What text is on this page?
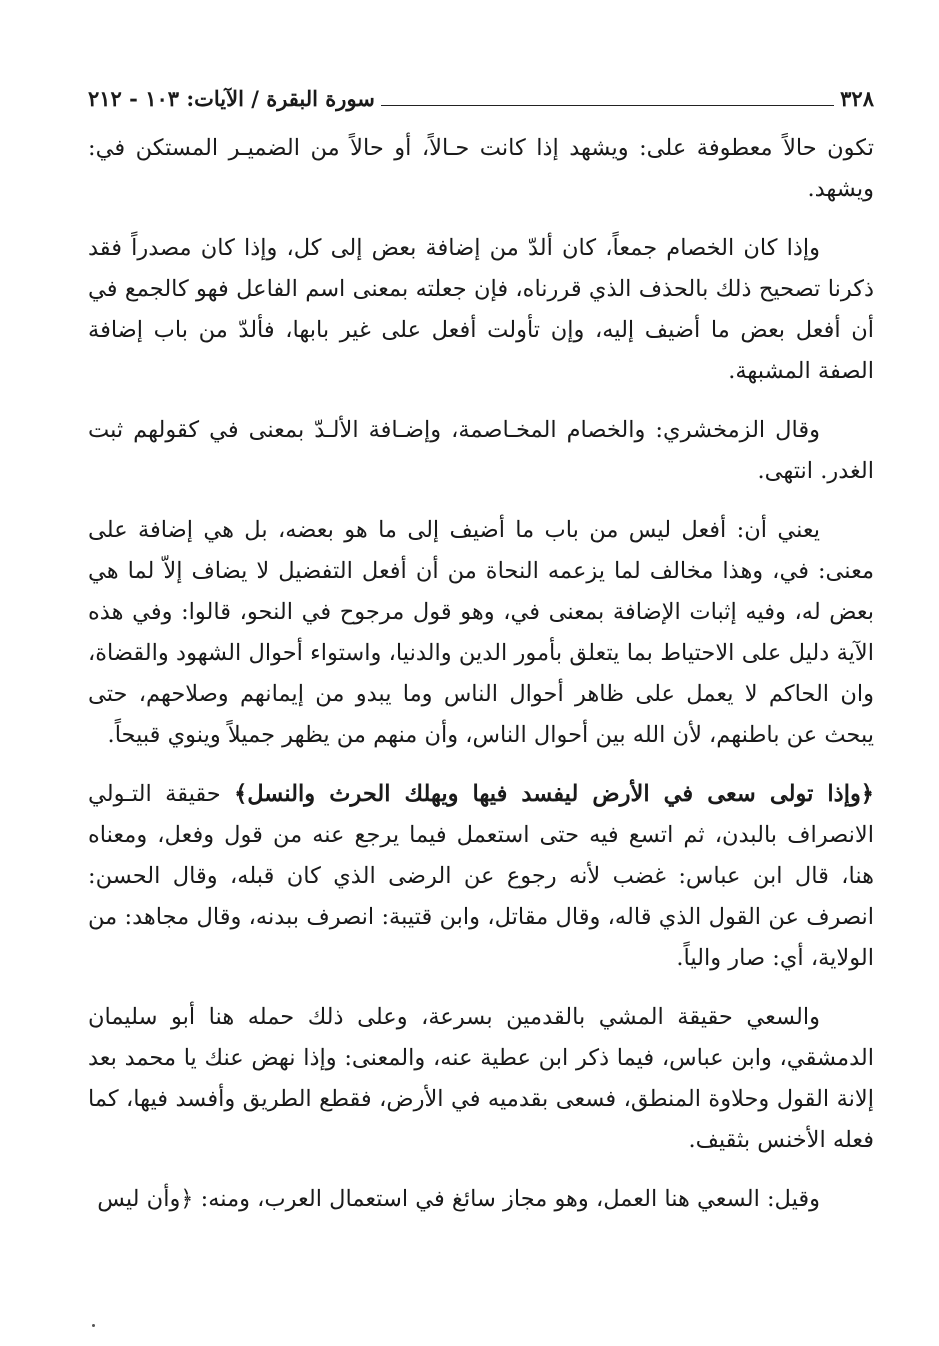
٣٢٨
سورة البقرة / الآيات: ١٠٣ - ٢١٢

تكون حالاً معطوفة على: ويشهد إذا كانت حـالاً، أو حالاً من الضميـر المستكن في: ويشهد.

وإذا كان الخصام جمعاً، كان ألدّ من إضافة بعض إلى كل، وإذا كان مصدراً فقد ذكرنا تصحيح ذلك بالحذف الذي قررناه، فإن جعلته بمعنى اسم الفاعل فهو كالجمع في أن أفعل بعض ما أضيف إليه، وإن تأولت أفعل على غير بابها، فألدّ من باب إضافة الصفة المشبهة.

وقال الزمخشري: والخصام المخـاصمة، وإضـافة الألـدّ بمعنى في كقولهم ثبت الغدر. انتهى.

يعني أن: أفعل ليس من باب ما أضيف إلى ما هو بعضه، بل هي إضافة على معنى: في، وهذا مخالف لما يزعمه النحاة من أن أفعل التفضيل لا يضاف إلاّ لما هي بعض له، وفيه إثبات الإضافة بمعنى في، وهو قول مرجوح في النحو، قالوا: وفي هذه الآية دليل على الاحتياط بما يتعلق بأمور الدين والدنيا، واستواء أحوال الشهود والقضاة، وان الحاكم لا يعمل على ظاهر أحوال الناس وما يبدو من إيمانهم وصلاحهم، حتى يبحث عن باطنهم، لأن الله بين أحوال الناس، وأن منهم من يظهر جميلاً وينوي قبيحاً.

﴿وإذا تولى سعى في الأرض ليفسد فيها ويهلك الحرث والنسل﴾ حقيقة التـولي الانصراف بالبدن، ثم اتسع فيه حتى استعمل فيما يرجع عنه من قول وفعل، ومعناه هنا، قال ابن عباس: غضب لأنه رجوع عن الرضى الذي كان قبله، وقال الحسن: انصرف عن القول الذي قاله، وقال مقاتل، وابن قتيبة: انصرف ببدنه، وقال مجاهد: من الولاية، أي: صار والياً.

والسعي حقيقة المشي بالقدمين بسرعة، وعلى ذلك حمله هنا أبو سليمان الدمشقي، وابن عباس، فيما ذكر ابن عطية عنه، والمعنى: وإذا نهض عنك يا محمد بعد إلانة القول وحلاوة المنطق، فسعى بقدميه في الأرض، فقطع الطريق وأفسد فيها، كما فعله الأخنس بثقيف.

وقيل: السعي هنا العمل، وهو مجاز سائغ في استعمال العرب، ومنه: ﴿وأن ليس
